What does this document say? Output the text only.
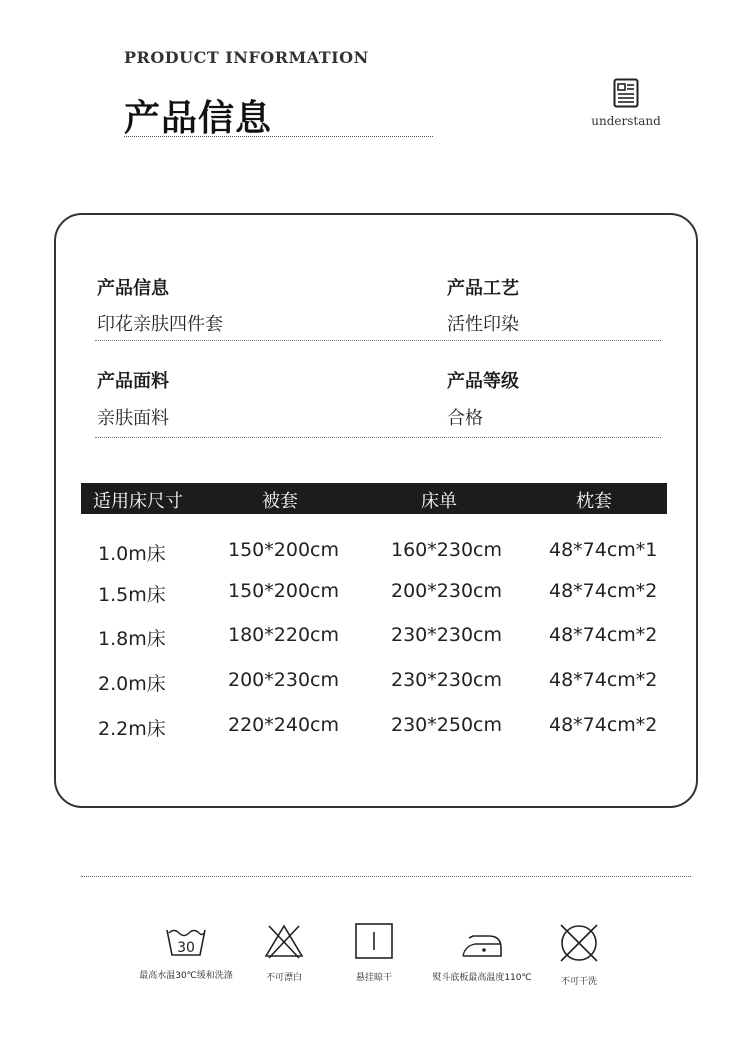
PRODUCT INFORMATION
产品信息	understand
产品信息
印花亲肤四件套
产品工艺
活性印染
产品面料
亲肤面料
产品等级
合格
适用床尺寸	被套	床单	枕套
1.0m床	150*200cm	160*230cm 48*74cm*1
1.5m床	150*200cm	200*230cm 48*74cm*2
1.8m床	180*220cm	230*230cm 48*74cm*2
2.0m床	200*230cm	230*230cm 48*74cm*2
2.2m床	220*240cm	230*250cm 48*74cm*2
30
最高水温30℃缓和洗涤	不可漂白	悬挂晾干	熨斗底板最高温度110℃	不可干洗
